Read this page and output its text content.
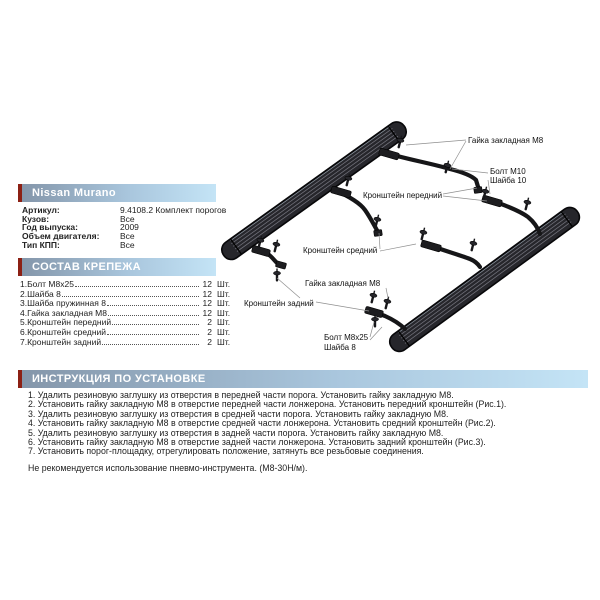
Nissan Murano
Артикул:	9.4108.2 Комплект порогов
Кузов:	Все
Год выпуска:	2009
Объем двигателя:	Все
Тип КПП:	Все
СОСТАВ КРЕПЕЖА
1. Болт М8х25	12 Шт.
2. Шайба 8	12 Шт.
3. Шайба пружинная 8	12 Шт.
4. Гайка закладная М8	12 Шт.
5. Кронштейн передний	2 Шт.
6. Кронштейн средний	2 Шт.
7. Кронштейн задний	2 Шт.
Гайка закладная М8
Болт М10
Шайба 10
Кронштейн передний
Кронштейн средний
Гайка закладная М8
Кронштейн задний
Болт М8х25
Шайба 8
ИНСТРУКЦИЯ ПО УСТАНОВКЕ
1. Удалить резиновую заглушку из отверстия в передней части порога. Установить гайку закладную М8.
2. Установить гайку закладную М8 в отверстие передней части лонжерона. Установить передний кронштейн (Рис.1).
3. Удалить резиновую заглушку из отверстия в средней части порога. Установить гайку закладную М8.
4. Установить гайку закладную М8 в отверстие средней части лонжерона. Установить средний кронштейн (Рис.2).
5. Удалить резиновую заглушку из отверстия в задней части порога. Установить гайку закладную М8.
6. Установить гайку закладную М8 в отверстие задней части лонжерона. Установить задний кронштейн (Рис.3).
7. Установить порог-площадку, отрегулировать положение, затянуть все резьбовые соединения.
Не рекомендуется использование пневмо-инструмента. (М8-30Н/м).
